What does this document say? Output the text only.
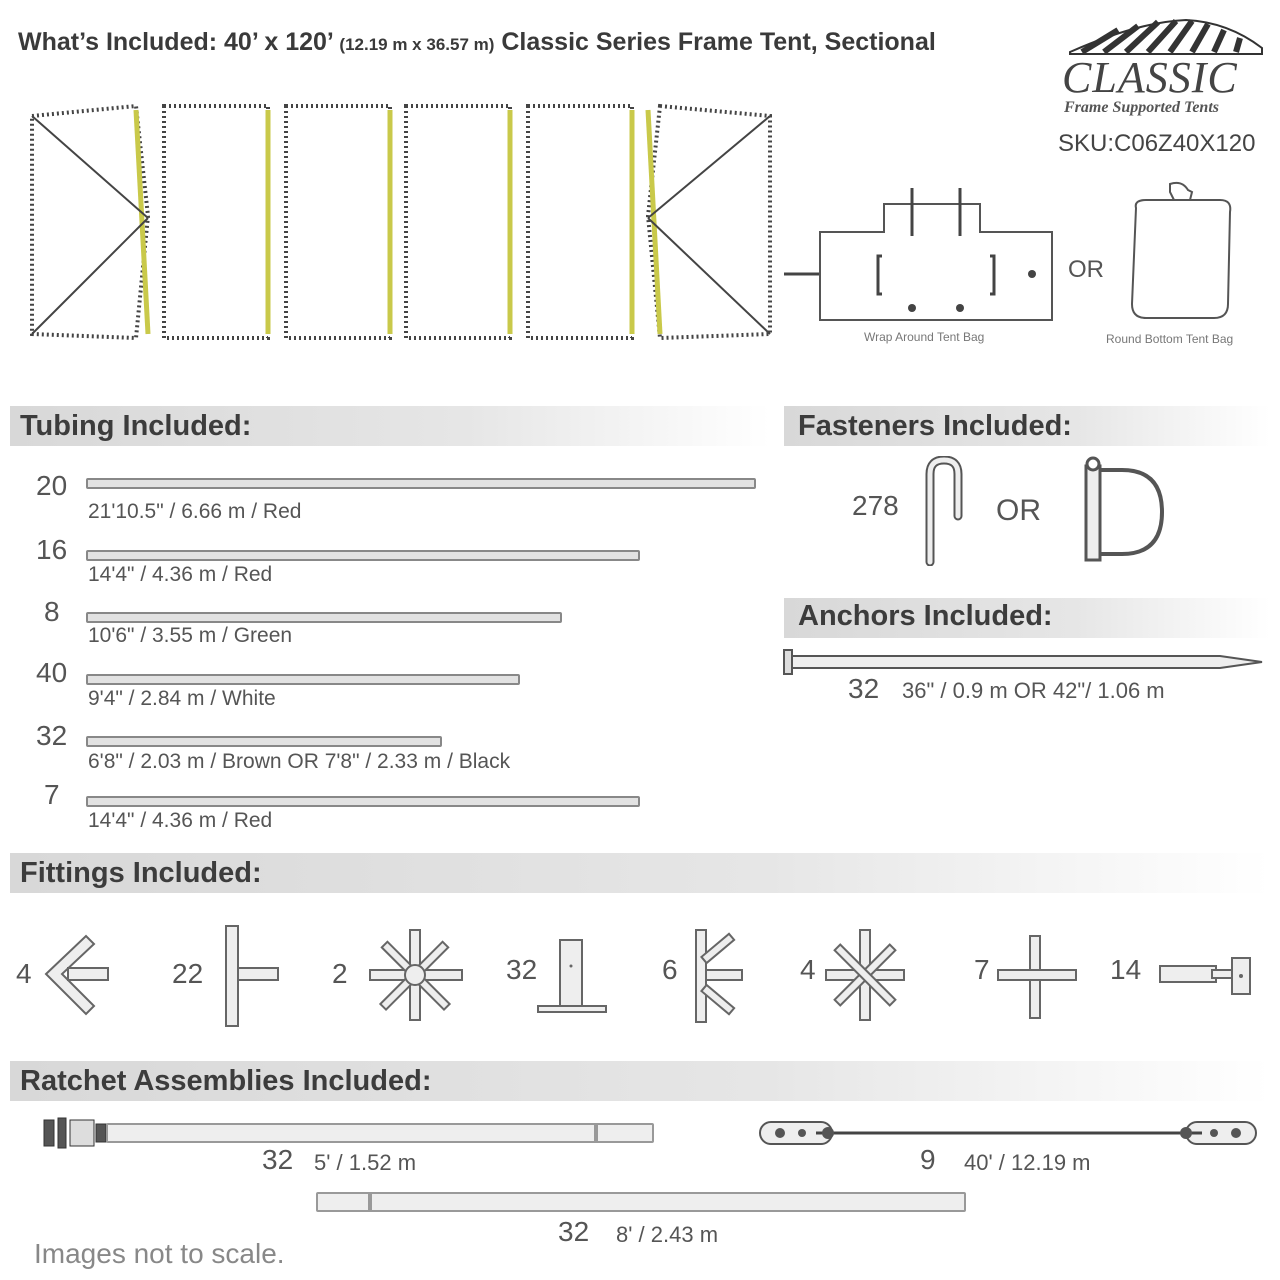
What’s Included: 40’ x 120’ (12.19 m x 36.57 m) Classic Series Frame Tent, Sectional
CLASSIC
Frame Supported Tents
SKU:C06Z40X120
Wrap Around Tent Bag
OR
Round Bottom Tent Bag
Tubing Included:
20
21'10.5" / 6.66 m / Red
16
14'4" / 4.36 m / Red
8
10'6" / 3.55 m / Green
40
9'4" / 2.84 m / White
32
6'8" / 2.03 m / Brown OR 7'8" / 2.33 m / Black
7
14'4" / 4.36 m / Red
Fasteners Included:
278	OR
Anchors Included:
32 36" / 0.9 m OR 42"/ 1.06 m
Fittings Included:
4	22	2	32	6	4	7	14
Ratchet Assemblies Included:
32 5' / 1.52 m	9 40' / 12.19 m
32 8' / 2.43 m
Images not to scale.
